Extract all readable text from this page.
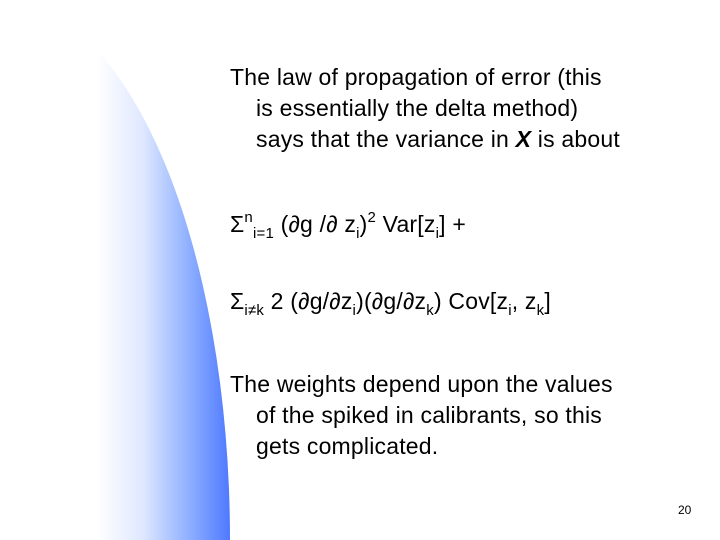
The law of propagation of error (this
is essentially the delta method)
says that the variance in X is about
$\Sigma^n_{i=1}$ (∂g /∂ $z_i)^2$ $Var[z_i]$ +
$\Sigma_{i\ne k}$ 2 $(\partial g/\partial z_i)(\partial g/\partial z_k)$ $Cov[z_i$, $z_k$]
The weights depend upon the values
of the spiked in calibrants, so this
gets complicated.
20
